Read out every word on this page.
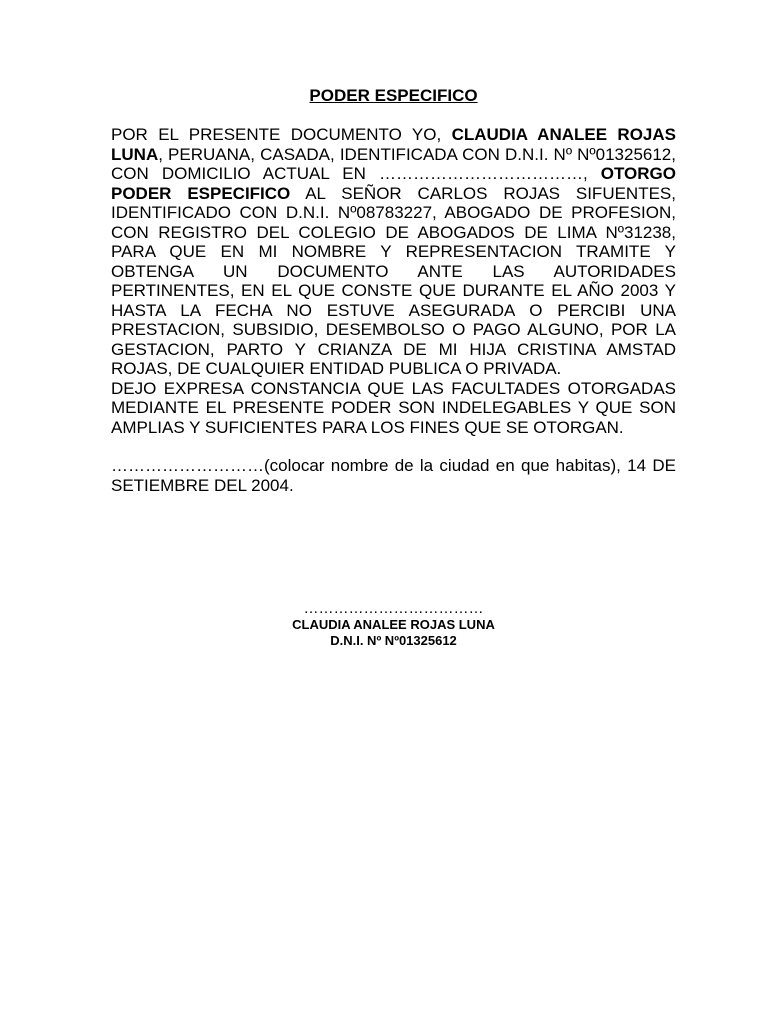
PODER ESPECIFICO

POR EL PRESENTE DOCUMENTO YO, CLAUDIA ANALEE ROJAS LUNA, PERUANA, CASADA, IDENTIFICADA CON D.N.I. Nº Nº01325612, CON DOMICILIO ACTUAL EN ………………………………, OTORGO PODER ESPECIFICO AL SEÑOR CARLOS ROJAS SIFUENTES, IDENTIFICADO CON D.N.I. Nº08783227, ABOGADO DE PROFESION, CON REGISTRO DEL COLEGIO DE ABOGADOS DE LIMA Nº31238, PARA QUE EN MI NOMBRE Y REPRESENTACION TRAMITE Y OBTENGA UN DOCUMENTO ANTE LAS AUTORIDADES PERTINENTES, EN EL QUE CONSTE QUE DURANTE EL AÑO 2003 Y HASTA LA FECHA NO ESTUVE ASEGURADA O PERCIBI UNA PRESTACION, SUBSIDIO, DESEMBOLSO O PAGO ALGUNO, POR LA GESTACION, PARTO Y CRIANZA DE MI HIJA CRISTINA AMSTAD ROJAS, DE CUALQUIER ENTIDAD PUBLICA O PRIVADA.

DEJO EXPRESA CONSTANCIA QUE LAS FACULTADES OTORGADAS MEDIANTE EL PRESENTE PODER SON INDELEGABLES Y QUE SON AMPLIAS Y SUFICIENTES PARA LOS FINES QUE SE OTORGAN.

………………………(colocar nombre de la ciudad en que habitas), 14 DE SETIEMBRE DEL 2004.

………………………………
CLAUDIA ANALEE ROJAS LUNA
D.N.I. Nº Nº01325612
